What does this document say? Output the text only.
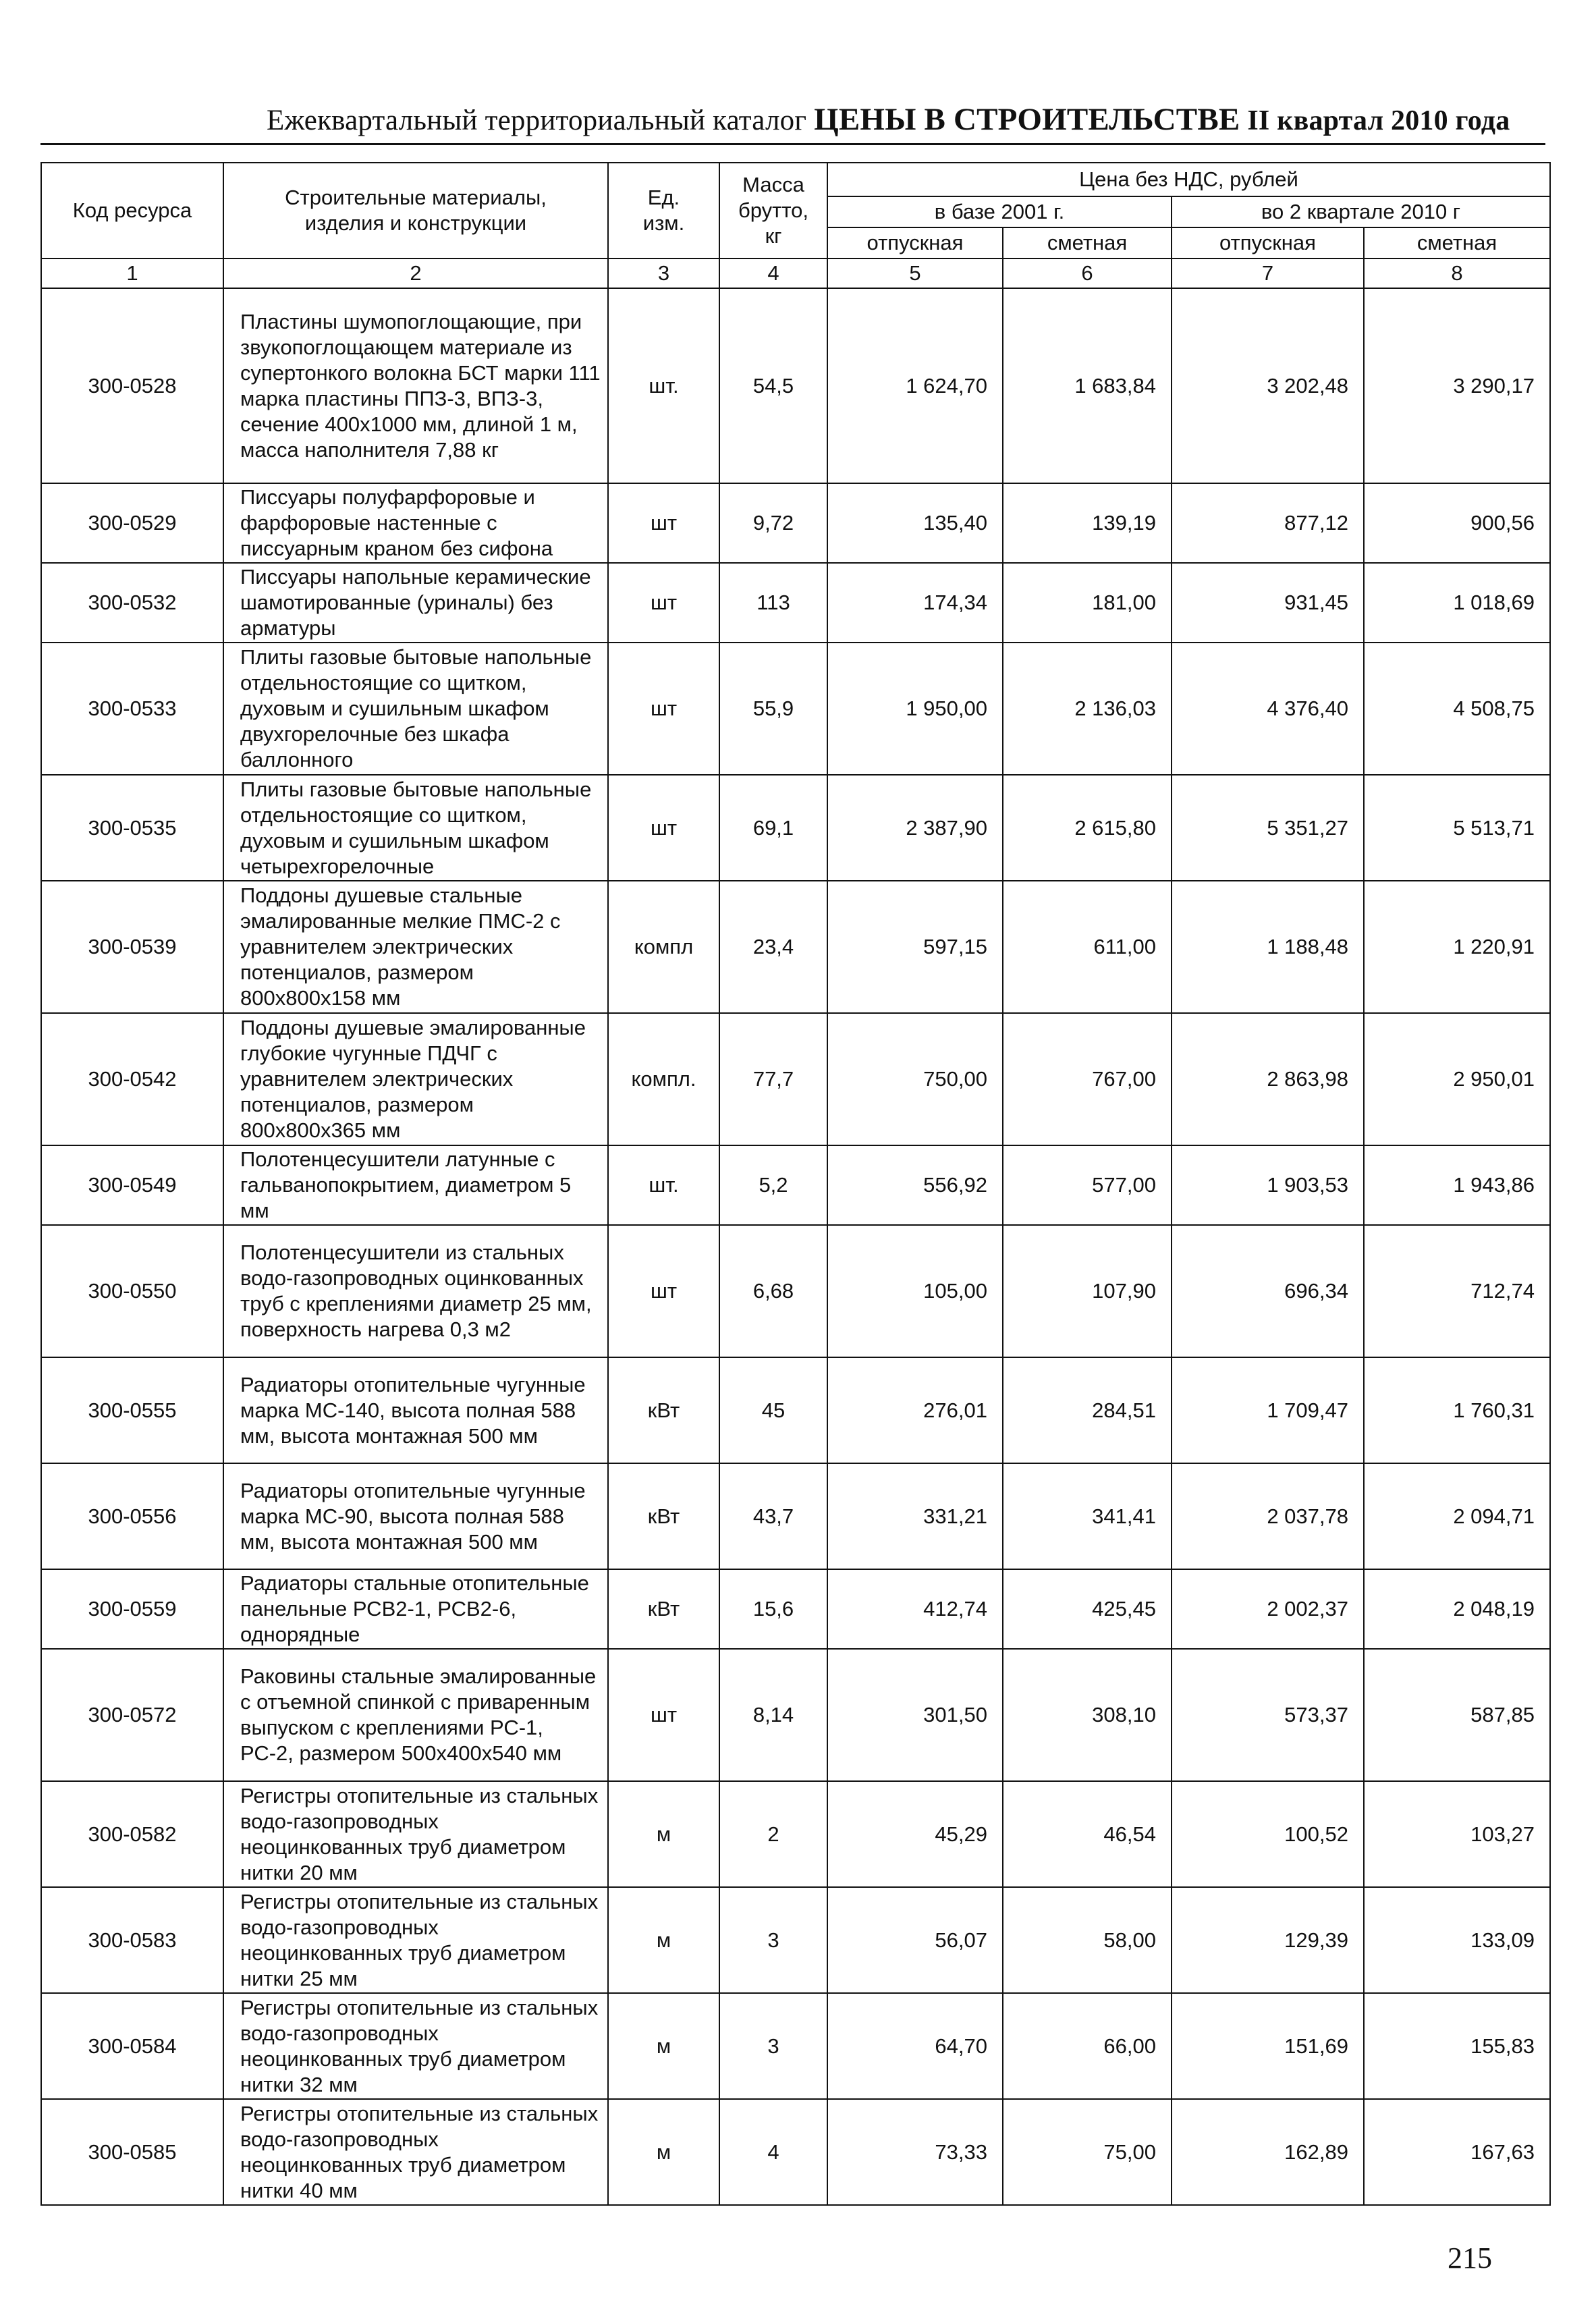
Ежеквартальный территориальный каталог ЦЕНЫ В СТРОИТЕЛЬСТВЕ II квартал 2010 года
Код ресурса	Строительные материалы, изделия и конструкции	Ед. изм.	Масса брутто, кг	Цена без НДС, рублей			
				в базе 2001 г.		во 2 квартале 2010 г	
				отпускная	сметная	отпускная	сметная
1	2	3	4	5	6	7	8
300-0528	Пластины шумопоглощающие, при звукопоглощающем материале из супертонкого волокна БСТ марки 111 марка пластины ППЗ-3, ВПЗ-3, сечение 400х1000 мм, длиной 1 м, масса наполнителя 7,88 кг	шт.	54,5	1 624,70	1 683,84	3 202,48	3 290,17
300-0529	Писсуары полуфарфоровые и фарфоровые настенные с писсуарным краном без сифона	шт	9,72	135,40	139,19	877,12	900,56
300-0532	Писсуары напольные керамические шамотированные (уриналы) без арматуры	шт	113	174,34	181,00	931,45	1 018,69
300-0533	Плиты газовые бытовые напольные отдельностоящие со щитком, духовым и сушильным шкафом двухгорелочные без шкафа баллонного	шт	55,9	1 950,00	2 136,03	4 376,40	4 508,75
300-0535	Плиты газовые бытовые напольные отдельностоящие со щитком, духовым и сушильным шкафом четырехгорелочные	шт	69,1	2 387,90	2 615,80	5 351,27	5 513,71
300-0539	Поддоны душевые стальные эмалированные мелкие ПМС-2 с уравнителем электрических потенциалов, размером 800х800х158 мм	компл	23,4	597,15	611,00	1 188,48	1 220,91
300-0542	Поддоны душевые эмалированные глубокие чугунные ПДЧГ с уравнителем электрических потенциалов, размером 800х800х365 мм	компл.	77,7	750,00	767,00	2 863,98	2 950,01
300-0549	Полотенцесушители латунные с гальванопокрытием, диаметром 5 мм	шт.	5,2	556,92	577,00	1 903,53	1 943,86
300-0550	Полотенцесушители из стальных водо-газопроводных оцинкованных труб с креплениями диаметр 25 мм, поверхность нагрева 0,3 м2	шт	6,68	105,00	107,90	696,34	712,74
300-0555	Радиаторы отопительные чугунные марка МС-140, высота полная 588 мм, высота монтажная 500 мм	кВт	45	276,01	284,51	1 709,47	1 760,31
300-0556	Радиаторы отопительные чугунные марка МС-90, высота полная 588 мм, высота монтажная 500 мм	кВт	43,7	331,21	341,41	2 037,78	2 094,71
300-0559	Радиаторы стальные отопительные панельные РСВ2-1, РСВ2-6, однорядные	кВт	15,6	412,74	425,45	2 002,37	2 048,19
300-0572	Раковины стальные эмалированные с отъемной спинкой с приваренным выпуском с креплениями РС-1, РС-2, размером 500х400х540 мм	шт	8,14	301,50	308,10	573,37	587,85
300-0582	Регистры отопительные из стальных водо-газопроводных неоцинкованных труб диаметром нитки 20 мм	м	2	45,29	46,54	100,52	103,27
300-0583	Регистры отопительные из стальных водо-газопроводных неоцинкованных труб диаметром нитки 25 мм	м	3	56,07	58,00	129,39	133,09
300-0584	Регистры отопительные из стальных водо-газопроводных неоцинкованных труб диаметром нитки 32 мм	м	3	64,70	66,00	151,69	155,83
300-0585	Регистры отопительные из стальных водо-газопроводных неоцинкованных труб диаметром нитки 40 мм	м	4	73,33	75,00	162,89	167,63
215
